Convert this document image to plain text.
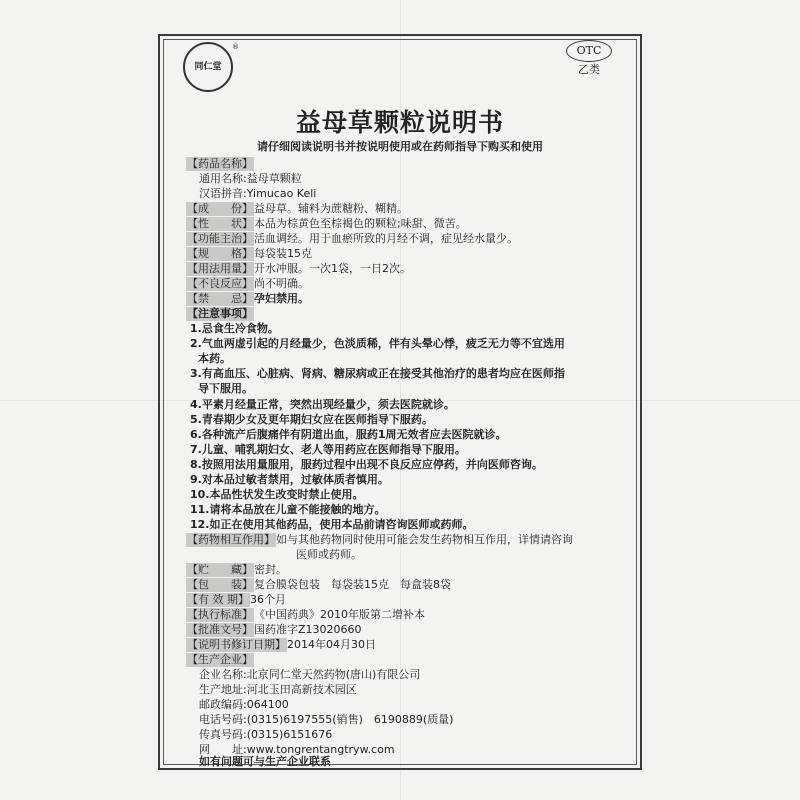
同仁堂
®	OTC
乙类
益母草颗粒说明书
请仔细阅读说明书并按说明使用或在药师指导下购买和使用
【药品名称】
通用名称:益母草颗粒
汉语拼音:Yimucao Keli
【成　　份】益母草。辅料为蔗糖粉、糊精。
【性　　状】本品为棕黄色至棕褐色的颗粒;味甜、微苦。
【功能主治】活血调经。用于血瘀所致的月经不调，症见经水量少。
【规　　格】每袋装15克
【用法用量】开水冲服。一次1袋，一日2次。
【不良反应】尚不明确。
【禁　　忌】孕妇禁用。
【注意事项】
1.忌食生冷食物。
2.气血两虚引起的月经量少，色淡质稀，伴有头晕心悸，疲乏无力等不宜选用
本药。
3.有高血压、心脏病、肾病、糖尿病或正在接受其他治疗的患者均应在医师指
导下服用。
4.平素月经量正常，突然出现经量少，须去医院就诊。
5.青春期少女及更年期妇女应在医师指导下服药。
6.各种流产后腹痛伴有阴道出血，服药1周无效者应去医院就诊。
7.儿童、哺乳期妇女、老人等用药应在医师指导下服用。
8.按照用法用量服用，服药过程中出现不良反应应停药，并向医师咨询。
9.对本品过敏者禁用，过敏体质者慎用。
10.本品性状发生改变时禁止使用。
11.请将本品放在儿童不能接触的地方。
12.如正在使用其他药品，使用本品前请咨询医师或药师。
【药物相互作用】如与其他药物同时使用可能会发生药物相互作用，详情请咨询
医师或药师。
【贮　　藏】密封。
【包　　装】复合膜袋包装　每袋装15克　每盒装8袋
【有 效 期】36个月
【执行标准】《中国药典》2010年版第二增补本
【批准文号】国药准字Z13020660
【说明书修订日期】2014年04月30日
【生产企业】
企业名称:北京同仁堂天然药物(唐山)有限公司
生产地址:河北玉田高新技术园区
邮政编码:064100
电话号码:(0315)6197555(销售)　6190889(质量)
传真号码:(0315)6151676
网　　址:www.tongrentangtryw.com
如有问题可与生产企业联系
